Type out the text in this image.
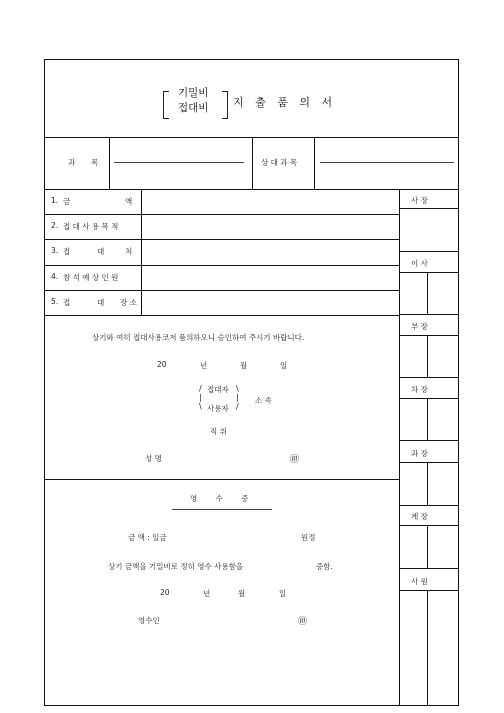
기밀비
접대비 지 출 품 의 서
과 목	상 대 과 목
1. 금	액
2. 접 대 사 용 목 적
3. 접	대	처
4. 참 석 예 상 인 원
5. 접	대 장 소
상기와 여히 접대사용코저 품의하오니 승인하여 주시기 바랍니다.
20	년	월	일
/
|
\
접대자
사용자
\
|
/
소 속
직 위
성 명	㊞
영 수 증
금 액 : 일금	원정
상기 금액을 기밀비로 정히 영수 사용함을	증함.
20	년	월	일
영수인	㊞
사 장
이 사
부 장
차 장
과 장
계 장
사 원
